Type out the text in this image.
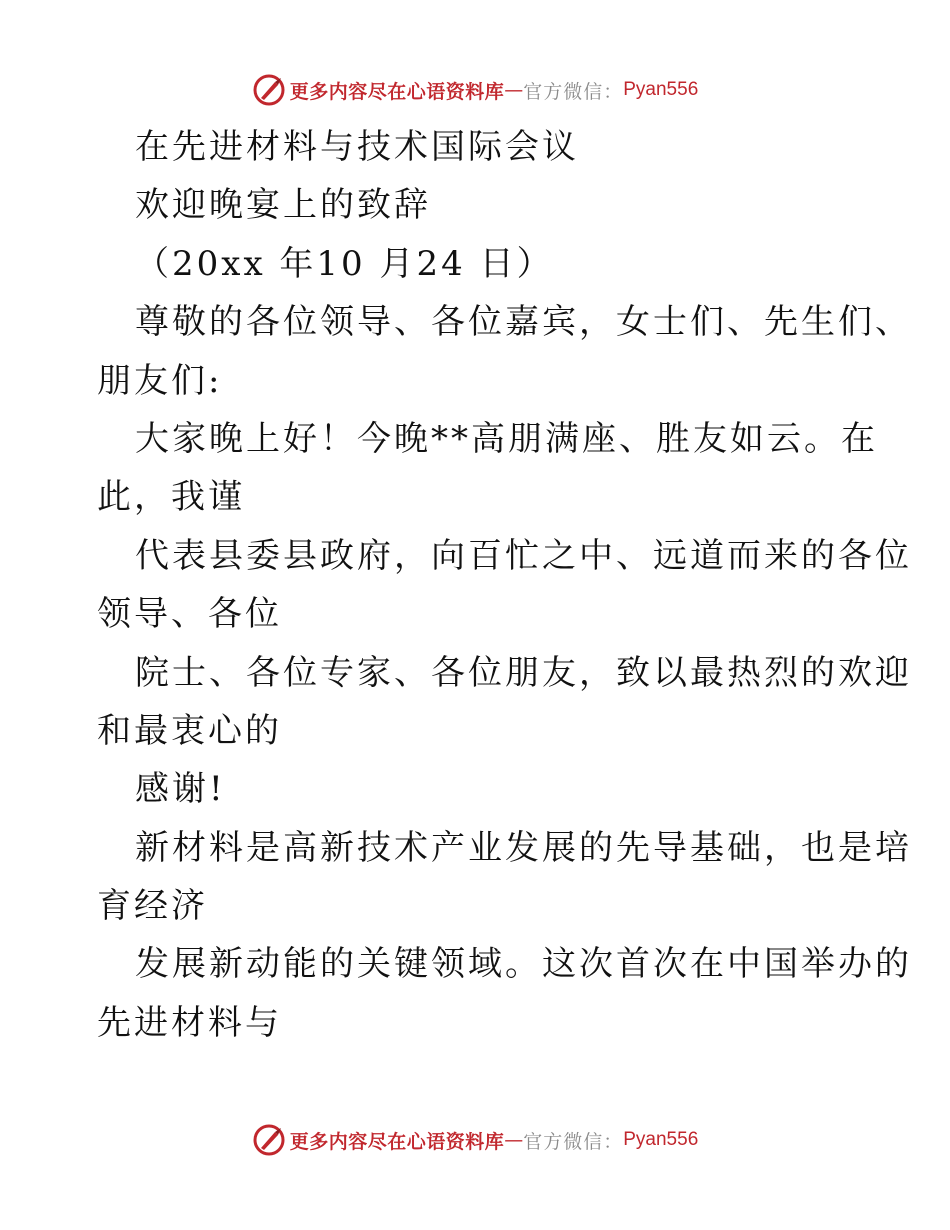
更多内容尽在心语资料库 — 官方微信： Pyan556
在先进材料与技术国际会议
欢迎晚宴上的致辞
（20xx 年10 月24 日）
尊敬的各位领导、各位嘉宾，女士们、先生们、
朋友们:
大家晚上好！今晚**高朋满座、胜友如云。在
此，我谨
代表县委县政府，向百忙之中、远道而来的各位
领导、各位
院士、各位专家、各位朋友，致以最热烈的欢迎
和最衷心的
感谢!
新材料是高新技术产业发展的先导基础，也是培
育经济
发展新动能的关键领域。这次首次在中国举办的
先进材料与
更多内容尽在心语资料库 — 官方微信： Pyan556
